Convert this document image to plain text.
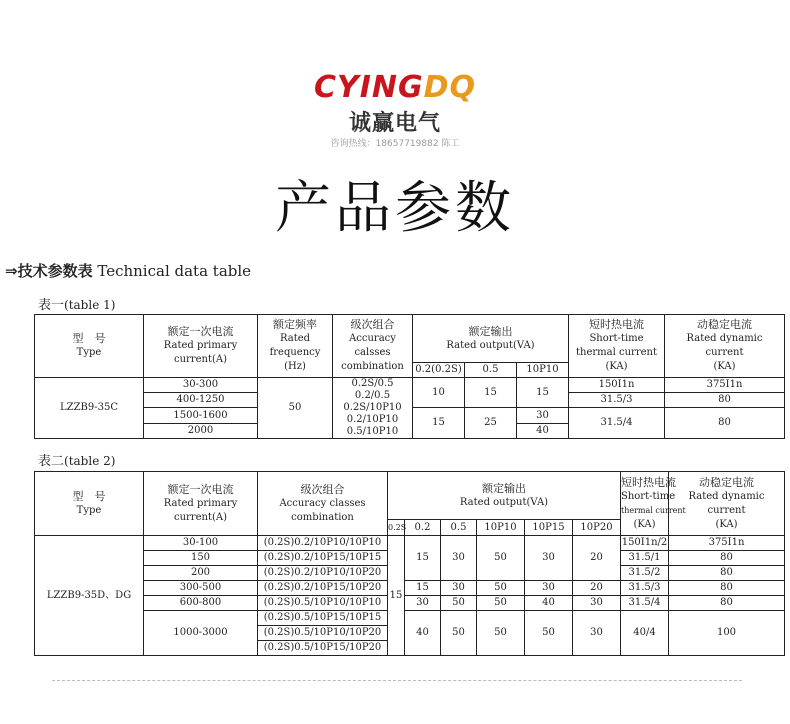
CYINGDQ
诚赢电气
咨询热线：18657719882 陈工
产品参数
⇒技术参数表 Technical data table
表一(table 1)
型　号
Type	额定一次电流
Rated primary
current(A)	额定频率
Rated
frequency
(Hz)	级次组合
Accuracy
calsses
combination	额定输出
Rated output(VA)			短时热电流
Short-time
thermal current
(KA)	动稳定电流
Rated dynamic
current
(KA)

				0.2(0.2S)	0.5	10P10		
LZZB9-35C	30-300	50	0.2S/0.5
0.2/0.5
0.2S/10P10
0.2/10P10
0.5/10P10	10	15	15	150I1n	375I1n
	400-1250						31.5/3	80
	1500-1600			15	25	30	31.5/4	80
	2000					40		
表二(table 2)
型　号
Type	额定一次电流
Rated primary
current(A)	级次组合
Accuracy classes
combination	额定输出
Rated output(VA)						短时热电流
Short-time
thermal current
(KA)	动稳定电流
Rated dynamic
current
(KA)

			0.2S	0.2	0.5	10P10	10P15	10P20		
LZZB9-35D、DG	30-100	(0.2S)0.2/10P10/10P10	15	15	30	50	30	20	150I1n/2	375I1n
	150	(0.2S)0.2/10P15/10P15							31.5/1	80
	200	(0.2S)0.2/10P10/10P20							31.5/2	80
	300-500	(0.2S)0.2/10P15/10P20		15	30	50	30	20	31.5/3	80
	600-800	(0.2S)0.5/10P10/10P10		30	50	50	40	30	31.5/4	80
	1000-3000	(0.2S)0.5/10P15/10P15		40	50	50	50	30	40/4	100
		(0.2S)0.5/10P10/10P20								
		(0.2S)0.5/10P15/10P20								
